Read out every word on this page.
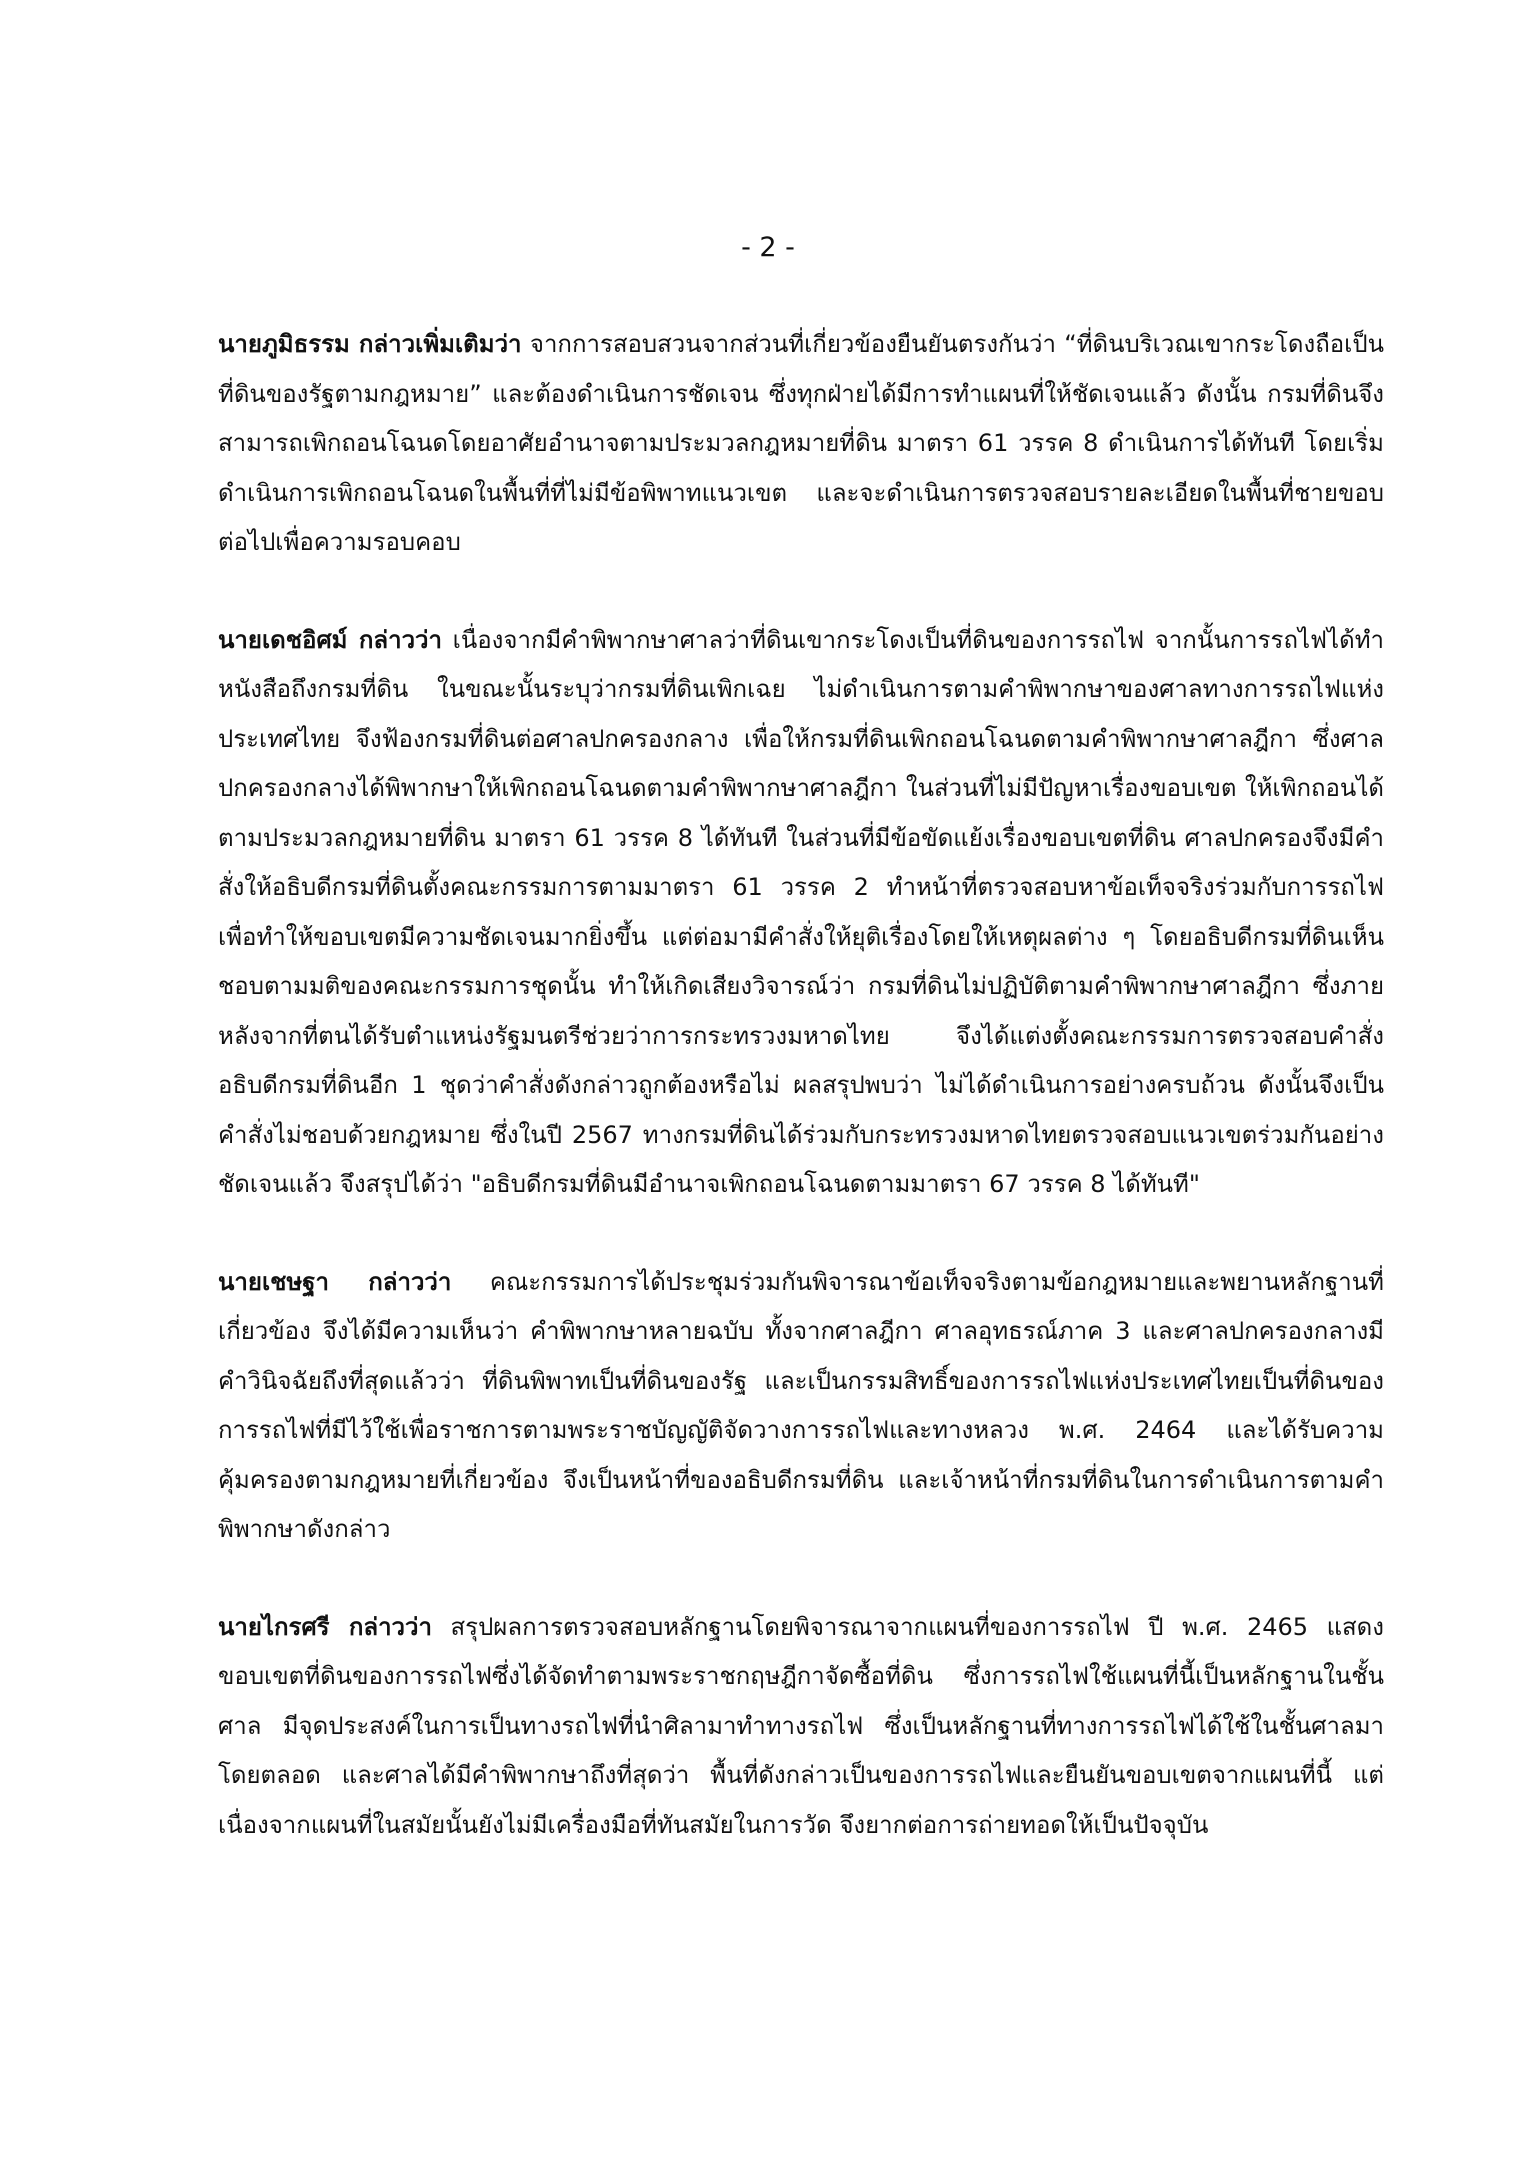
- 2 -

นายภูมิธรรม กล่าวเพิ่มเติมว่า จากการสอบสวนจากส่วนที่เกี่ยวข้องยืนยันตรงกันว่า “ที่ดินบริเวณเขากระโดงถือเป็นที่ดินของรัฐตามกฎหมาย” และต้องดำเนินการชัดเจน ซึ่งทุกฝ่ายได้มีการทำแผนที่ให้ชัดเจนแล้ว ดังนั้น กรมที่ดินจึงสามารถเพิกถอนโฉนดโดยอาศัยอำนาจตามประมวลกฎหมายที่ดิน มาตรา 61 วรรค 8 ดำเนินการได้ทันที โดยเริ่มดำเนินการเพิกถอนโฉนดในพื้นที่ที่ไม่มีข้อพิพาทแนวเขต และจะดำเนินการตรวจสอบรายละเอียดในพื้นที่ชายขอบต่อไปเพื่อความรอบคอบ

นายเดชอิศม์ กล่าวว่า เนื่องจากมีคำพิพากษาศาลว่าที่ดินเขากระโดงเป็นที่ดินของการรถไฟ จากนั้นการรถไฟได้ทำหนังสือถึงกรมที่ดิน ในขณะนั้นระบุว่ากรมที่ดินเพิกเฉย ไม่ดำเนินการตามคำพิพากษาของศาลทางการรถไฟแห่งประเทศไทย จึงฟ้องกรมที่ดินต่อศาลปกครองกลาง เพื่อให้กรมที่ดินเพิกถอนโฉนดตามคำพิพากษาศาลฎีกา ซึ่งศาลปกครองกลางได้พิพากษาให้เพิกถอนโฉนดตามคำพิพากษาศาลฎีกา ในส่วนที่ไม่มีปัญหาเรื่องขอบเขต ให้เพิกถอนได้ตามประมวลกฎหมายที่ดิน มาตรา 61 วรรค 8 ได้ทันที ในส่วนที่มีข้อขัดแย้งเรื่องขอบเขตที่ดิน ศาลปกครองจึงมีคำสั่งให้อธิบดีกรมที่ดินตั้งคณะกรรมการตามมาตรา 61 วรรค 2 ทำหน้าที่ตรวจสอบหาข้อเท็จจริงร่วมกับการรถไฟ เพื่อทำให้ขอบเขตมีความชัดเจนมากยิ่งขึ้น แต่ต่อมามีคำสั่งให้ยุติเรื่องโดยให้เหตุผลต่าง ๆ โดยอธิบดีกรมที่ดินเห็นชอบตามมติของคณะกรรมการชุดนั้น ทำให้เกิดเสียงวิจารณ์ว่า กรมที่ดินไม่ปฏิบัติตามคำพิพากษาศาลฎีกา ซึ่งภายหลังจากที่ตนได้รับตำแหน่งรัฐมนตรีช่วยว่าการกระทรวงมหาดไทย จึงได้แต่งตั้งคณะกรรมการตรวจสอบคำสั่งอธิบดีกรมที่ดินอีก 1 ชุดว่าคำสั่งดังกล่าวถูกต้องหรือไม่ ผลสรุปพบว่า ไม่ได้ดำเนินการอย่างครบถ้วน ดังนั้นจึงเป็นคำสั่งไม่ชอบด้วยกฎหมาย ซึ่งในปี 2567 ทางกรมที่ดินได้ร่วมกับกระทรวงมหาดไทยตรวจสอบแนวเขตร่วมกันอย่างชัดเจนแล้ว จึงสรุปได้ว่า "อธิบดีกรมที่ดินมีอำนาจเพิกถอนโฉนดตามมาตรา 67 วรรค 8 ได้ทันที"

นายเชษฐา กล่าวว่า คณะกรรมการได้ประชุมร่วมกันพิจารณาข้อเท็จจริงตามข้อกฎหมายและพยานหลักฐานที่เกี่ยวข้อง จึงได้มีความเห็นว่า คำพิพากษาหลายฉบับ ทั้งจากศาลฎีกา ศาลอุทธรณ์ภาค 3 และศาลปกครองกลางมีคำวินิจฉัยถึงที่สุดแล้วว่า ที่ดินพิพาทเป็นที่ดินของรัฐ และเป็นกรรมสิทธิ์ของการรถไฟแห่งประเทศไทยเป็นที่ดินของการรถไฟที่มีไว้ใช้เพื่อราชการตามพระราชบัญญัติจัดวางการรถไฟและทางหลวง พ.ศ. 2464 และได้รับความคุ้มครองตามกฎหมายที่เกี่ยวข้อง จึงเป็นหน้าที่ของอธิบดีกรมที่ดิน และเจ้าหน้าที่กรมที่ดินในการดำเนินการตามคำพิพากษาดังกล่าว

นายไกรศรี กล่าวว่า สรุปผลการตรวจสอบหลักฐานโดยพิจารณาจากแผนที่ของการรถไฟ ปี พ.ศ. 2465 แสดงขอบเขตที่ดินของการรถไฟซึ่งได้จัดทำตามพระราชกฤษฎีกาจัดซื้อที่ดิน ซึ่งการรถไฟใช้แผนที่นี้เป็นหลักฐานในชั้นศาล มีจุดประสงค์ในการเป็นทางรถไฟที่นำศิลามาทำทางรถไฟ ซึ่งเป็นหลักฐานที่ทางการรถไฟได้ใช้ในชั้นศาลมาโดยตลอด และศาลได้มีคำพิพากษาถึงที่สุดว่า พื้นที่ดังกล่าวเป็นของการรถไฟและยืนยันขอบเขตจากแผนที่นี้ แต่เนื่องจากแผนที่ในสมัยนั้นยังไม่มีเครื่องมือที่ทันสมัยในการวัด จึงยากต่อการถ่ายทอดให้เป็นปัจจุบัน
